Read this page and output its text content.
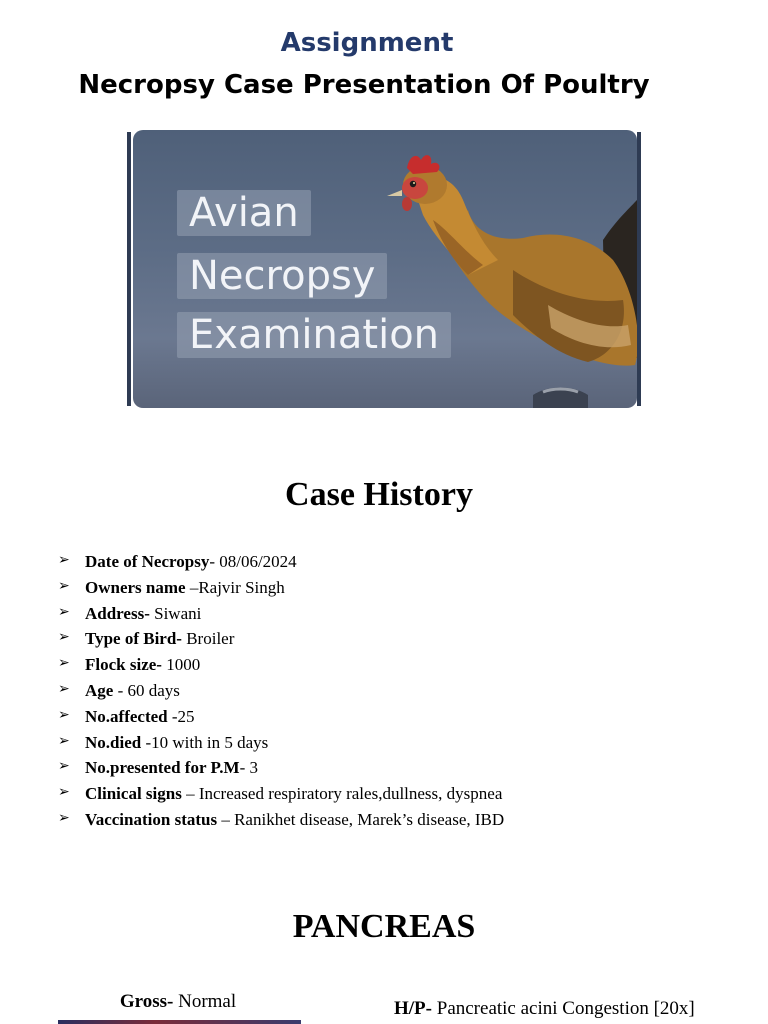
Assignment
Necropsy Case Presentation Of Poultry
Avian
Necropsy
Examination
Case History
➢ Date of Necropsy- 08/06/2024
➢ Owners name –Rajvir Singh
➢ Address- Siwani
➢ Type of Bird- Broiler
➢ Flock size- 1000
➢ Age - 60 days
➢ No.affected -25
➢ No.died -10 with in 5 days
➢ No.presented for P.M- 3
➢ Clinical signs – Increased respiratory rales,dullness, dyspnea
➢ Vaccination status – Ranikhet disease, Marek’s disease, IBD
PANCREAS
Gross- Normal	H/P- Pancreatic acini Congestion [20x]
